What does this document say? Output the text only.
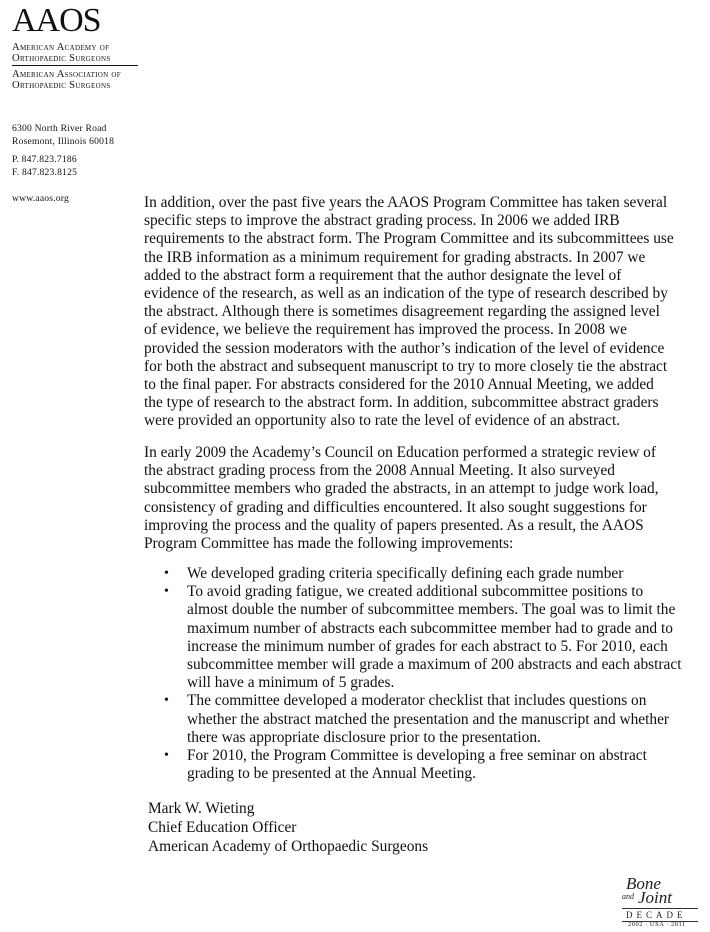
AAOS
American Academy of
Orthopaedic Surgeons
American Association of
Orthopaedic Surgeons
6300 North River Road
Rosemont, Illinois 60018
P. 847.823.7186
F. 847.823.8125
www.aaos.org	In addition, over the past five years the AAOS Program Committee has taken several specific steps to improve the abstract grading process. In 2006 we added IRB requirements to the abstract form. The Program Committee and its subcommittees use the IRB information as a minimum requirement for grading abstracts. In 2007 we added to the abstract form a requirement that the author designate the level of evidence of the research, as well as an indication of the type of research described by the abstract. Although there is sometimes disagreement regarding the assigned level of evidence, we believe the requirement has improved the process. In 2008 we provided the session moderators with the author’s indication of the level of evidence for both the abstract and subsequent manuscript to try to more closely tie the abstract to the final paper. For abstracts considered for the 2010 Annual Meeting, we added the type of research to the abstract form. In addition, subcommittee abstract graders were provided an opportunity also to rate the level of evidence of an abstract.

In early 2009 the Academy’s Council on Education performed a strategic review of the abstract grading process from the 2008 Annual Meeting. It also surveyed subcommittee members who graded the abstracts, in an attempt to judge work load, consistency of grading and difficulties encountered. It also sought suggestions for improving the process and the quality of papers presented. As a result, the AAOS Program Committee has made the following improvements:

• We developed grading criteria specifically defining each grade number
• To avoid grading fatigue, we created additional subcommittee positions to almost double the number of subcommittee members. The goal was to limit the maximum number of abstracts each subcommittee member had to grade and to increase the minimum number of grades for each abstract to 5. For 2010, each subcommittee member will grade a maximum of 200 abstracts and each abstract will have a minimum of 5 grades.
• The committee developed a moderator checklist that includes questions on whether the abstract matched the presentation and the manuscript and whether there was appropriate disclosure prior to the presentation.
• For 2010, the Program Committee is developing a free seminar on abstract grading to be presented at the Annual Meeting.
Mark W. Wieting
Chief Education Officer
American Academy of Orthopaedic Surgeons
Bone
and Joint
DECADE
2002 · USA · 2011
